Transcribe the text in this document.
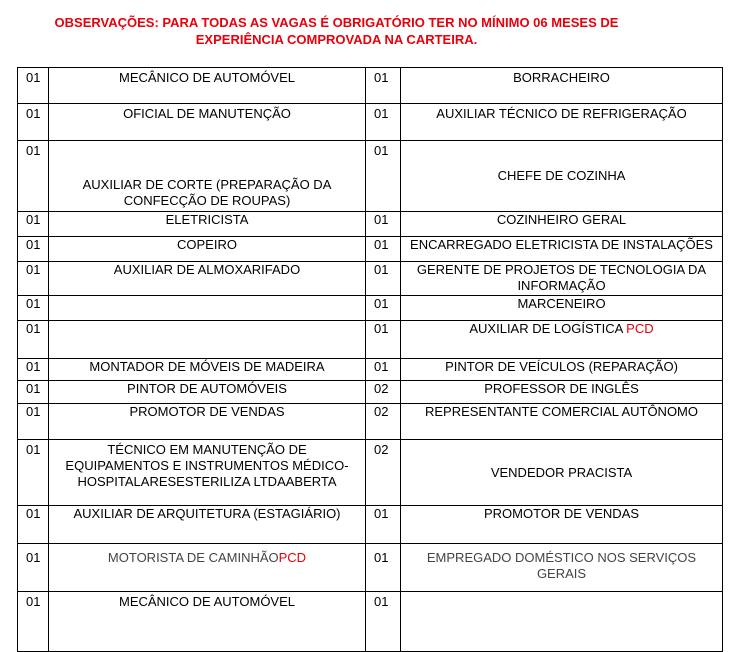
OBSERVAÇÕES: PARA TODAS AS VAGAS É OBRIGATÓRIO TER NO MÍNIMO 06 MESES DE
EXPERIÊNCIA COMPROVADA NA CARTEIRA.
01	MECÂNICO DE AUTOMÓVEL	01	BORRACHEIRO
01	OFICIAL DE MANUTENÇÃO	01	AUXILIAR TÉCNICO DE REFRIGERAÇÃO
01	AUXILIAR DE CORTE (PREPARAÇÃO DA
CONFECÇÃO DE ROUPAS)	01	CHEFE DE COZINHA
01	ELETRICISTA	01	COZINHEIRO GERAL
01	COPEIRO	01	ENCARREGADO ELETRICISTA DE INSTALAÇÕES
01	AUXILIAR DE ALMOXARIFADO	01	GERENTE DE PROJETOS DE TECNOLOGIA DA
INFORMAÇÃO

01		01	MARCENEIRO
01		01	AUXILIAR DE LOGÍSTICA PCD
01	MONTADOR DE MÓVEIS DE MADEIRA	01	PINTOR DE VEÍCULOS (REPARAÇÃO)
01	PINTOR DE AUTOMÓVEIS	02	PROFESSOR DE INGLÊS
01	PROMOTOR DE VENDAS	02	REPRESENTANTE COMERCIAL AUTÔNOMO
01	TÉCNICO EM MANUTENÇÃO DE
EQUIPAMENTOS E INSTRUMENTOS MÉDICO-
HOSPITALARESESTERILIZA LTDAABERTA	02	VENDEDOR PRACISTA
01	AUXILIAR DE ARQUITETURA (ESTAGIÁRIO)	01	PROMOTOR DE VENDAS
01	MOTORISTA DE CAMINHÃOPCD	01	EMPREGADO DOMÉSTICO NOS SERVIÇOS
GERAIS

01	MECÂNICO DE AUTOMÓVEL	01	
